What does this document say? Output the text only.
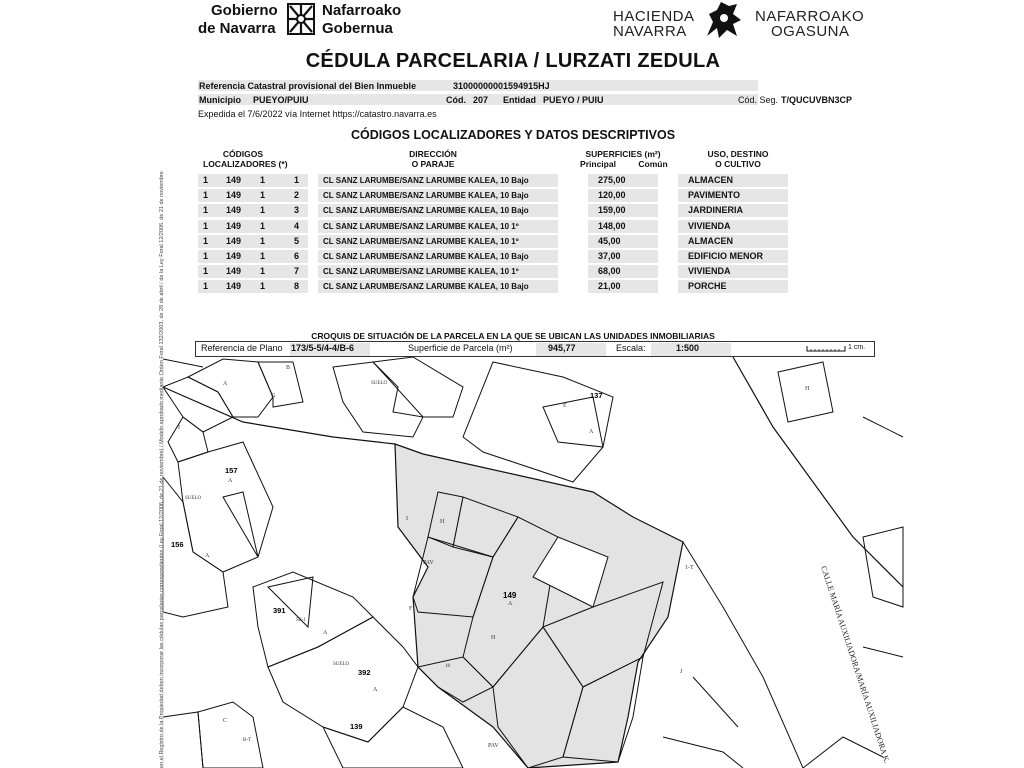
Gobierno
de Navarra
Nafarroako
Gobernua
HACIENDA
NAVARRA
NAFARROAKO
OGASUNA
CÉDULA PARCELARIA / LURZATI ZEDULA
Referencia Catastral provisional del Bien Inmueble	31000000001594915HJ
Municipio PUEYO/PUIU	Cód. 207 Entidad PUEYO / PUIU	Cód. Seg. T/QUCUVBN3CP
Expedida el 7/6/2022 vía Internet https://catastro.navarra.es
CÓDIGOS LOCALIZADORES Y DATOS DESCRIPTIVOS
CÓDIGOS
LOCALIZADORES (*)
DIRECCIÓN
O PARAJE
SUPERFICIES (m²)
Principal	Común
USO, DESTINO
O CULTIVO
1 149 1	1	CL SANZ LARUMBE/SANZ LARUMBE KALEA, 10 Bajo	275,00	ALMACEN
1 149 1	2	CL SANZ LARUMBE/SANZ LARUMBE KALEA, 10 Bajo	120,00	PAVIMENTO
1 149 1	3	CL SANZ LARUMBE/SANZ LARUMBE KALEA, 10 Bajo	159,00	JARDINERIA
1 149 1	4	CL SANZ LARUMBE/SANZ LARUMBE KALEA, 10 1º	148,00	VIVIENDA
1 149 1	5	CL SANZ LARUMBE/SANZ LARUMBE KALEA, 10 1º	45,00	ALMACEN
1 149 1	6	CL SANZ LARUMBE/SANZ LARUMBE KALEA, 10 Bajo	37,00	EDIFICIO MENOR
1 149 1	7	CL SANZ LARUMBE/SANZ LARUMBE KALEA, 10 1º	68,00	VIVIENDA
1 149 1	8	CL SANZ LARUMBE/SANZ LARUMBE KALEA, 10 Bajo	21,00	PORCHE
CROQUIS DE SITUACIÓN DE LA PARCELA EN LA QUE SE UBICAN LAS UNIDADES INMOBILIARIAS
Referencia de Plano 173/5-5/4-4/B-6	Superficie de Parcela (m²)	945,77	Escala:	1:500	1 cm.
157
156
137
149
391
392
139
A
A
A
A
A
A
A
I
B
I	H
H
F
J
E
H
SUELO
PAV
PAV
SUELO
SUELO
1-T
SE-1
B-T
C
G
18	CALLE MARÍA AUXILIADORA/MARÍA AUXILIADORA K.
en el Registro de la Propiedad deben incorporar las cédulas parcelarias correspondientes (Ley Foral 12/2006, de 21 de noviembre) / Modelo aprobado mediante Orden Foral 132/2003, de 28 de abril / de la Ley Foral 12/2006, de 21 de noviembre
